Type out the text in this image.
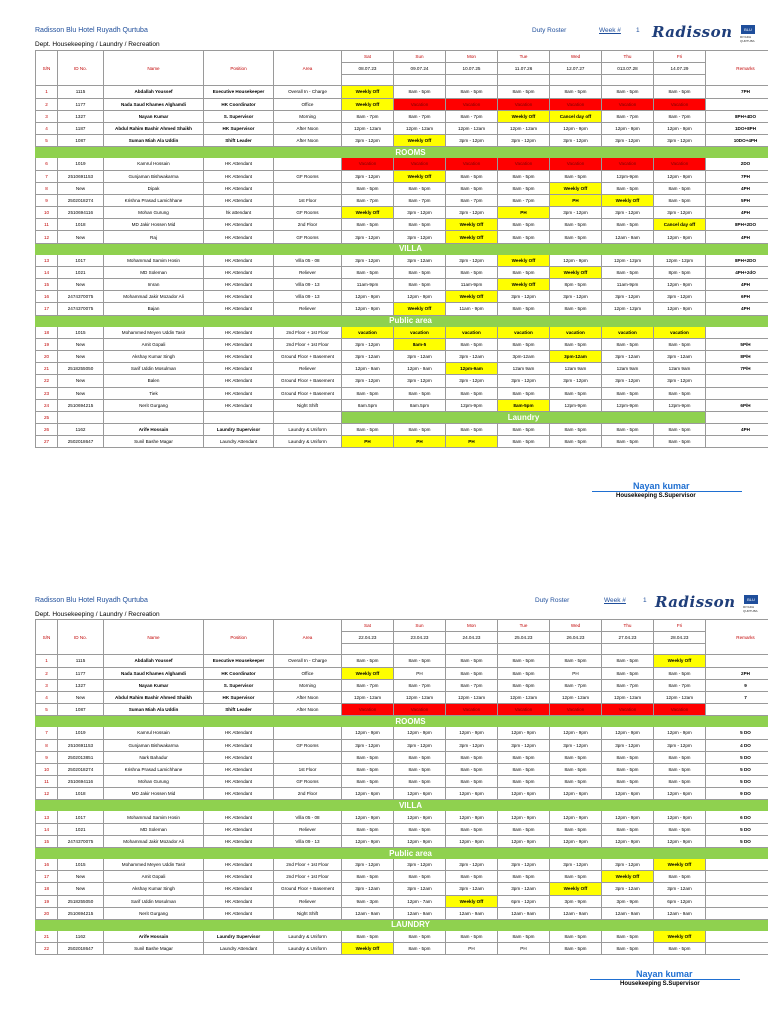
Radisson Blu Hotel Ruyadh Qurtuba
Dept. Housekeeping / Laundry / Recreation
Duty Roster	Week # 1 Radisson	BLU
RIYADH QURTUBA
S/N	ID No.	Name	Position	Area	Sat	Sun	Mon	Tue	Wed	Thu	Fri	Remarks
					08.07.23	09.07.24	10.07.25	11.07.26	12.07.27	013.07.28	14.07.29	

1	1115	Abdallah Youssef	Executive Housekeeper	Overall In - Charge	Weekly Off	8am - 5pm	8am - 5pm	8am - 5pm	8am - 5pm	8am - 5pm	8am - 5pm	7PH
2	1177	Nada Saud Khames Alghamdi	HK Coordinator	Office	Weekly Off	Vacation	Vacation	Vacation	Vacation	Vacation	Vacation	
3	1327	Nayan Kumar	S. Supervisor	Morning	8am - 7pm	8am - 7pm	8am - 7pm	Weekly Off	Cancel day off	8am - 7pm	8am - 7pm	8PH+4DO
4	1187	Abdul Rahim Bashir Ahmed Shaikh	HK Supervisor	After Noon	12pm - 12am	12pm - 12am	12pm - 12am	12pm - 12am	12pm - 9pm	12pm - 9pm	12pm - 9pm	1DO+8PH
5	1087	Suman Miah Ala Uddin	Shift Leader	After Noon	3pm - 12pm	Weekly Off	3pm - 12pm	3pm - 12pm	3pm - 12pm	3pm - 12pm	3pm - 12pm	10DO+4PH
ROOMS												
6	1019	Kamrul Hossain	HK Attendant		Vacation	Vacation	Vacation	Vacation	Vacation	Vacation	Vacation	2DO
7	2510691153	Gunjaman Bishwakarma	HK Attendant	GF Rooms	3pm - 12pm	Weekly Off	8am - 5pm	8am - 5pm	8am - 5pm	12pm-9pm	12pm - 9pm	7PH
8	New	Dipak	HK Attendant		8am - 5pm	8am - 5pm	8am - 5pm	8am - 5pm	Weekly Off	8am - 5pm	8am - 5pm	4PH
9	2502018274	Krishna Prasad Lamichhane	HK Attendant	1st Floor	8am - 7pm	8am - 7pm	8am - 7pm	8am - 7pm	PH	Weekly Off	8am - 5pm	5PH
10	2510694116	Mohan Gurung	hk attendant	GF Rooms	Weekly Off	3pm - 12pm	3pm - 12pm	PH	3pm - 12pm	3pm - 12pm	3pm - 12pm	4PH
11	1018	MD Jakir Hossen Mid	HK Attendant	2nd Floor	8am - 5pm	8am - 5pm	Weekly Off	8am - 5pm	8am - 5pm	8am - 5pm	Cancel day off	8PH+2DO
12	New	Raj	HK Attendant	GF Rooms	3pm - 12pm	3pm - 12pm	Weekly Off	8am - 5pm	8am - 5pm	12am - 9am	12pm - 9pm	4PH
VILLA												
13	1017	Mohammad Samim Hosin	HK Attendant	Villa 05 - 08	3pm - 12pm	3pm - 12am	3pm - 12pm	Weekly Off	12pm - 9pm	12pm - 12pm	12pm - 12pm	8PH+2DO
14	1021	MD Soleman	HK Attendant	Reliever	8am - 5pm	8am - 5pm	8am - 5pm	8am - 5pm	Weekly Off	8am - 5pm	8pm - 5pm	4PH+2dO
15	New	Imran	HK Attendant	Villa 09 - 13	11am-9pm	8am - 5pm	11am-9pm	Weekly Off	8pm - 5pm	11am-9pm	12pm - 9pm	4PH
16	2474370075	Mohammad Jakir Mozador Ali	HK Attendant	Villa 09 - 13	12pm - 9pm	12pm - 9pm	Weekly Off	3pm - 12pm	3pm - 12pm	3pm - 12pm	3pm - 12pm	6PH
17	2474370075	Bajan	HK Attendant	Reliever	12pm - 9pm	Weekly Off	11am - 9pm	8am - 5pm	8am - 5pm	12pm - 12pm	12pm - 9pm	4PH
Public area												
18	1015	Mohammed Meyen Uddin Tasir	HK Attendant	2nd Floor + 1st Floor	vacation	vacation	vacation	vacation	vacation	vacation	vacation	
19	New	Amit Gopali	HK Attendant	2nd Floor + 1st Floor	3pm - 12pm	8am-5	8am - 5pm	8am - 5pm	8am - 5pm	8am - 5pm	8am - 5pm	5P/H
20	New	Akshay Kumar Singh	HK Attendant	Ground Floor + Basement	3pm - 12am	3pm - 12am	3pm - 12am	3pm-12am	3pm-12am	3pm - 12am	3pm - 12am	8P/H
21	2518255050	Sarif Uddin Mosulman	HK Attendant	Reliever	12pm - 9am	12pm - 9am	12pm-9am	12am 9am	12am 9am	12am 9am	12am 9am	7P/H
22	New	Balen	HK Attendant	Ground Floor + Basement	3pm - 12pm	3pm - 12pm	3pm - 12pm	3pm - 12pm	3pm - 12pm	3pm - 12pm	3pm - 12pm	
23	New	Tiek	HK Attendant	Ground Floor + Basement	8am - 5pm	8am - 5pm	8am - 5pm	8am - 5pm	8am - 5pm	8am - 5pm	8am - 5pm	
24	2510694215	Nerit Gurgang	HK Attendant	Night Shift	8am.5pm	8am.5pm	12pm-9pm	8am-5pm	12pm-9pm	12pm-9pm	12pm-9pm	6P/H
25					Laundry							
26	1162	Arife Hossain	Laundry Supervisor	Laundry & Uniform	8am - 5pm	8am - 5pm	8am - 5pm	8am - 5pm	8am - 5pm	8am - 5pm	8am - 5pm	4PH
27	2502018647	Sunil Bashe Magar	Laundry Attendant	Laundry & Uniform	PH	PH	PH	8am - 5pm	8am - 5pm	8am - 5pm	8am - 5pm	
Nayan kumar
Housekeeping S.Supervisor
Radisson Blu Hotel Ruyadh Qurtuba
Dept. Housekeeping / Laundry / Recreation
Duty Roster	Week #	1 Radisson	BLU
RIYADH QURTUBA
S/N	ID No.	Name	Position	Area	Sat	Sun	Mon	Tue	Wed	Thu	Fri	Remarks
					22.04.23	23.04.23	24.04.23	25.04.23	26.04.23	27.04.23	28.04.23	

1	1115	Abdallah Youssef	Executive Housekeeper	Overall In - Charge	8am - 5pm	8am - 5pm	8am - 5pm	8am - 5pm	8am - 5pm	8am - 5pm	Weekly Off	
2	1177	Nada Saud Khames Alghamdi	HK Coordinator	Office	Weekly Off	PH	8am - 5pm	8am - 5pm	PH	8am - 5pm	8am - 5pm	2PH
3	1327	Nayan Kumar	S. Supervisor	Morning	8am - 7pm	8am - 7pm	8am - 7pm	8am - 6pm	8am - 7pm	8am - 7pm	8am - 7pm	9
4	New	Abdul Rahim Bashir Ahmed Shaikh	HK Supervisor	After Noon	12pm - 12am	12pm - 12am	12pm - 12am	12pm - 12am	12pm - 12am	12pm - 12am	12pm - 12am	7
5	1087	Suman Miah Ala Uddin	Shift Leader	After Noon	Vacation	Vacation	Vacation	Vacation	Vacation	Vacation	Vacation	
ROOMS												
7	1019	Kamrul Hossain	HK Attendant		12pm - 9pm	12pm - 9pm	12pm - 9pm	12pm - 9pm	12pm - 9pm	12pm - 9pm	12pm - 9pm	5 DO
8	2510691153	Gunjaman Bishwakarma	HK Attendant	GF Rooms	3pm - 12pm	3pm - 12pm	3pm - 12pm	3pm - 12pm	3pm - 12pm	3pm - 12pm	3pm - 12pm	4 DO
9	2502013851	Nark Bahadur	HK Attendant		8am - 5pm	8am - 5pm	8am - 5pm	8am - 5pm	8am - 5pm	8am - 5pm	8am - 5pm	5 DO
10	2502018274	Krishna Prasad Lamichhane	HK Attendant	1st Floor	8am - 5pm	8am - 5pm	8am - 5pm	8am - 5pm	8am - 5pm	8am - 5pm	8am - 5pm	5 DO
11	2510694116	Mohan Gurung	HK Attendant	GF Rooms	8am - 5pm	8am - 5pm	8am - 5pm	8am - 5pm	8am - 5pm	8am - 5pm	8am - 5pm	5 DO
12	1018	MD Jakir Hossen Mid	HK Attendant	2nd Floor	12pm - 6pm	12pm - 6pm	12pm - 6pm	12pm - 6pm	12pm - 6pm	12pm - 6pm	12pm - 6pm	9 DO
VILLA												
13	1017	Mohammad Samim Hosin	HK Attendant	Villa 05 - 08	12pm - 9pm	12pm - 9pm	12pm - 9pm	12pm - 9pm	12pm - 9pm	12pm - 9pm	12pm - 9pm	6 DO
14	1021	MD Soleman	HK Attendant	Reliever	8am - 5pm	8am - 5pm	8am - 5pm	8am - 5pm	8am - 5pm	8am - 5pm	8am - 5pm	5 DO
15	2474370075	Mohammad Jakir Mozador Ali	HK Attendant	Villa 09 - 13	12pm - 9pm	12pm - 9pm	12pm - 9pm	12pm - 9pm	12pm - 9pm	12pm - 9pm	12pm - 9pm	5 DO
Public area												
16	1015	Mohammed Meyen Uddin Tasir	HK Attendant	2nd Floor + 1st Floor	3pm - 12pm	3pm - 12pm	3pm - 12pm	3pm - 12pm	3pm - 12pm	3pm - 12pm	Weekly Off	
17	New	Amit Gopali	HK Attendant	2nd Floor + 1st Floor	8am - 5pm	8am - 5pm	8am - 5pm	8am - 5pm	8am - 5pm	Weekly Off	8am - 5pm	
18	New	Akshay Kumar Singh	HK Attendant	Ground Floor + Basement	3pm - 12am	3pm - 12am	3pm - 12am	3pm - 12am	Weekly Off	3pm - 12am	3pm - 12am	
19	2518255050	Sarif Uddin Mosulman	HK Attendant	Reliever	9am - 3pm	12pm - 7am	Weekly Off	6pm - 12pm	3pm - 9pm	3pm - 9pm	6pm - 12pm	
20	2510694215	Nerit Gurgang	HK Attendant	Night Shift	12am - 9am	12am - 9am	12am - 9am	12am - 9am	12am - 9am	12am - 9am	12am - 9am	
LAUNDRY												
21	1162	Arife Hossain	Laundry Supervisor	Laundry & Uniform	8am - 5pm	8am - 5pm	8am - 5pm	8am - 5pm	8am - 5pm	8am - 5pm	Weekly Off	
22	2502018647	Sunil Bashe Magar	Laundry Attendant	Laundry & Uniform	Weekly Off	8am - 5pm	PH	PH	8am - 5pm	8am - 5pm	8am - 5pm	
Nayan kumar
Housekeeping S.Supervisor
